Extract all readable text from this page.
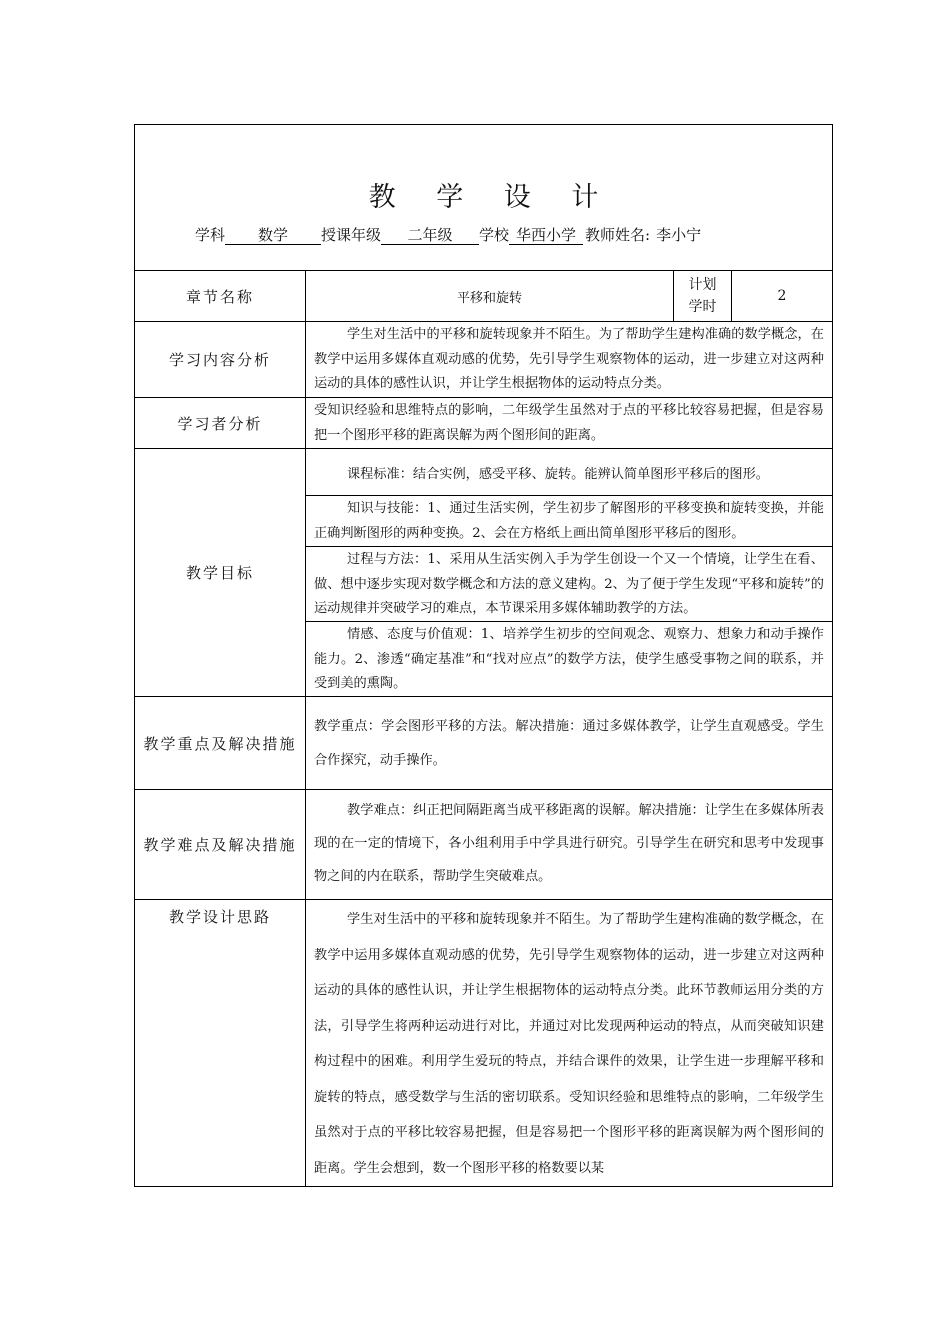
教 学 设 计
学科 数学 授课年级 二年级 学校 华西小学 教师姓名: 李小宁
章节名称	平移和旋转
计划
学时
2
学习内容分析

学生对生活中的平移和旋转现象并不陌生。为了帮助学生建构准确的数学概念，在教学中运用多媒体直观动感的优势，先引导学生观察物体的运动，进一步建立对这两种运动的具体的感性认识，并让学生根据物体的运动特点分类。

学习者分析

受知识经验和思维特点的影响，二年级学生虽然对于点的平移比较容易把握，但是容易把一个图形平移的距离误解为两个图形间的距离。

教学目标

课程标准：结合实例，感受平移、旋转。能辨认简单图形平移后的图形。

知识与技能：1、通过生活实例，学生初步了解图形的平移变换和旋转变换，并能正确判断图形的两种变换。2、会在方格纸上画出简单图形平移后的图形。

过程与方法：1、采用从生活实例入手为学生创设一个又一个情境，让学生在看、做、想中逐步实现对数学概念和方法的意义建构。2、为了便于学生发现“平移和旋转”的运动规律并突破学习的难点，本节课采用多媒体辅助教学的方法。

情感、态度与价值观：1、培养学生初步的空间观念、观察力、想象力和动手操作能力。2、渗透“确定基准”和“找对应点”的数学方法，使学生感受事物之间的联系，并受到美的熏陶。

教学重点及解决措施

教学重点：学会图形平移的方法。解决措施：通过多媒体教学，让学生直观感受。学生合作探究，动手操作。

教学难点及解决措施

教学难点：纠正把间隔距离当成平移距离的误解。解决措施：让学生在多媒体所表现的在一定的情境下，各小组利用手中学具进行研究。引导学生在研究和思考中发现事物之间的内在联系，帮助学生突破难点。

教学设计思路	学生对生活中的平移和旋转现象并不陌生。为了帮助学生建构准确的数学概念，在教学中运用多媒体直观动感的优势，先引导学生观察物体的运动，进一步建立对这两种运动的具体的感性认识，并让学生根据物体的运动特点分类。此环节教师运用分类的方法，引导学生将两种运动进行对比，并通过对比发现两种运动的特点，从而突破知识建构过程中的困难。利用学生爱玩的特点，并结合课件的效果，让学生进一步理解平移和旋转的特点，感受数学与生活的密切联系。受知识经验和思维特点的影响，二年级学生虽然对于点的平移比较容易把握，但是容易把一个图形平移的距离误解为两个图形间的距离。学生会想到，数一个图形平移的格数要以某
